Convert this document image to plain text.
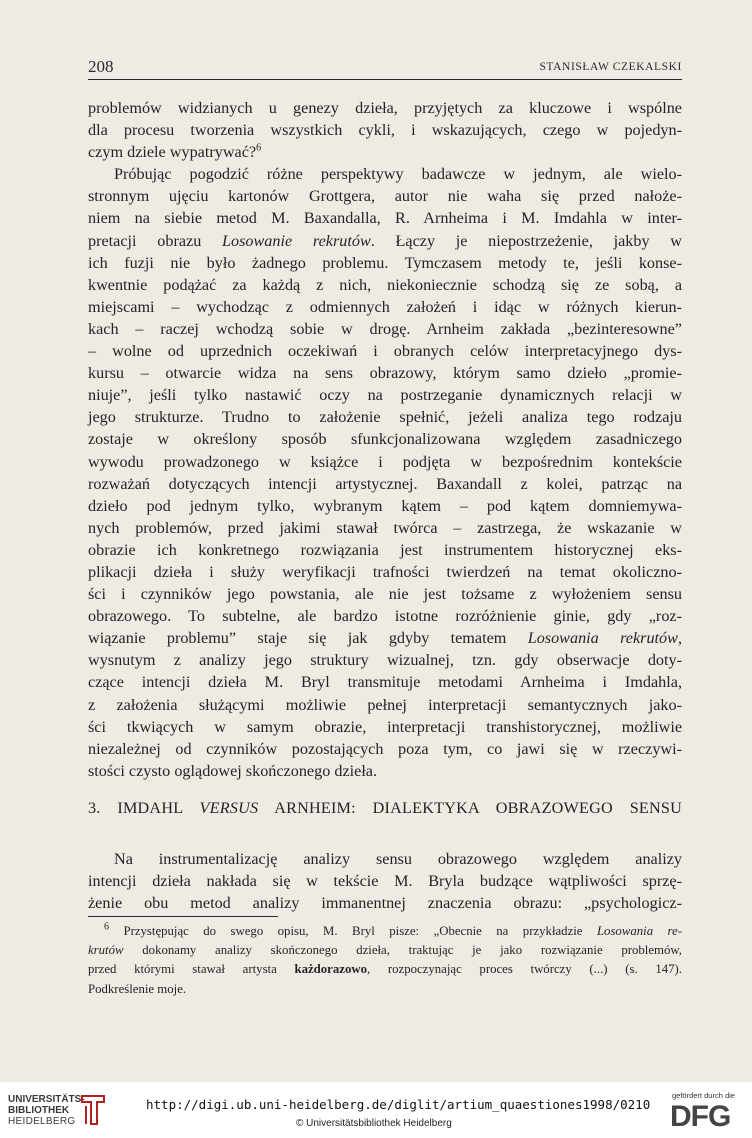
208	STANISŁAW CZEKALSKI

problemów widzianych u genezy dzieła, przyjętych za kluczowe i wspólne

dla procesu tworzenia wszystkich cykli, i wskazujących, czego w pojedyn-

czym dziele wypatrywać?$^6$

Próbując pogodzić różne perspektywy badawcze w jednym, ale wielo-

stronnym ujęciu kartonów Grottgera, autor nie waha się przed nałoże-

niem na siebie metod M. Baxandalla, R. Arnheima i M. Imdahla w inter-

pretacji obrazu Losowanie rekrutów. Łączy je niepostrzeżenie, jakby w

ich fuzji nie było żadnego problemu. Tymczasem metody te, jeśli konse-

kwentnie podążać za każdą z nich, niekoniecznie schodzą się ze sobą, a

miejscami – wychodząc z odmiennych założeń i idąc w różnych kierun-

kach – raczej wchodzą sobie w drogę. Arnheim zakłada „bezinteresowne”

– wolne od uprzednich oczekiwań i obranych celów interpretacyjnego dys-

kursu – otwarcie widza na sens obrazowy, którym samo dzieło „promie-

niuje”, jeśli tylko nastawić oczy na postrzeganie dynamicznych relacji w

jego strukturze. Trudno to założenie spełnić, jeżeli analiza tego rodzaju

zostaje w określony sposób sfunkcjonalizowana względem zasadniczego

wywodu prowadzonego w książce i podjęta w bezpośrednim kontekście

rozważań dotyczących intencji artystycznej. Baxandall z kolei, patrząc na

dzieło pod jednym tylko, wybranym kątem – pod kątem domniemywa-

nych problemów, przed jakimi stawał twórca – zastrzega, że wskazanie w

obrazie ich konkretnego rozwiązania jest instrumentem historycznej eks-

plikacji dzieła i służy weryfikacji trafności twierdzeń na temat okoliczno-

ści i czynników jego powstania, ale nie jest tożsame z wyłożeniem sensu

obrazowego. To subtelne, ale bardzo istotne rozróżnienie ginie, gdy „roz-

wiązanie problemu” staje się jak gdyby tematem Losowania rekrutów,

wysnutym z analizy jego struktury wizualnej, tzn. gdy obserwacje doty-

czące intencji dzieła M. Bryl transmituje metodami Arnheima i Imdahla,

z założenia służącymi możliwie pełnej interpretacji semantycznych jako-

ści tkwiących w samym obrazie, interpretacji transhistorycznej, możliwie

niezależnej od czynników pozostających poza tym, co jawi się w rzeczywi-

stości czysto oglądowej skończonego dzieła.

3. IMDAHL VERSUS ARNHEIM: DIALEKTYKA OBRAZOWEGO SENSU

Na instrumentalizację analizy sensu obrazowego względem analizy

intencji dzieła nakłada się w tekście M. Bryla budzące wątpliwości sprzę-

żenie obu metod analizy immanentnej znaczenia obrazu: „psychologicz-

$^6$ Przystępując do swego opisu, M. Bryl pisze: „Obecnie na przykładzie Losowania re-

krutów dokonamy analizy skończonego dzieła, traktując je jako rozwiązanie problemów,

przed którymi stawał artysta każdorazowo, rozpoczynając proces twórczy (...) (s. 147).

Podkreślenie moje.

UNIVERSITÄTS-
BIBLIOTHEK
HEIDELBERG
http://digi.ub.uni-heidelberg.de/diglit/artium_quaestiones1998/0210
© Universitätsbibliothek Heidelberg
gefördert durch die
DFG
